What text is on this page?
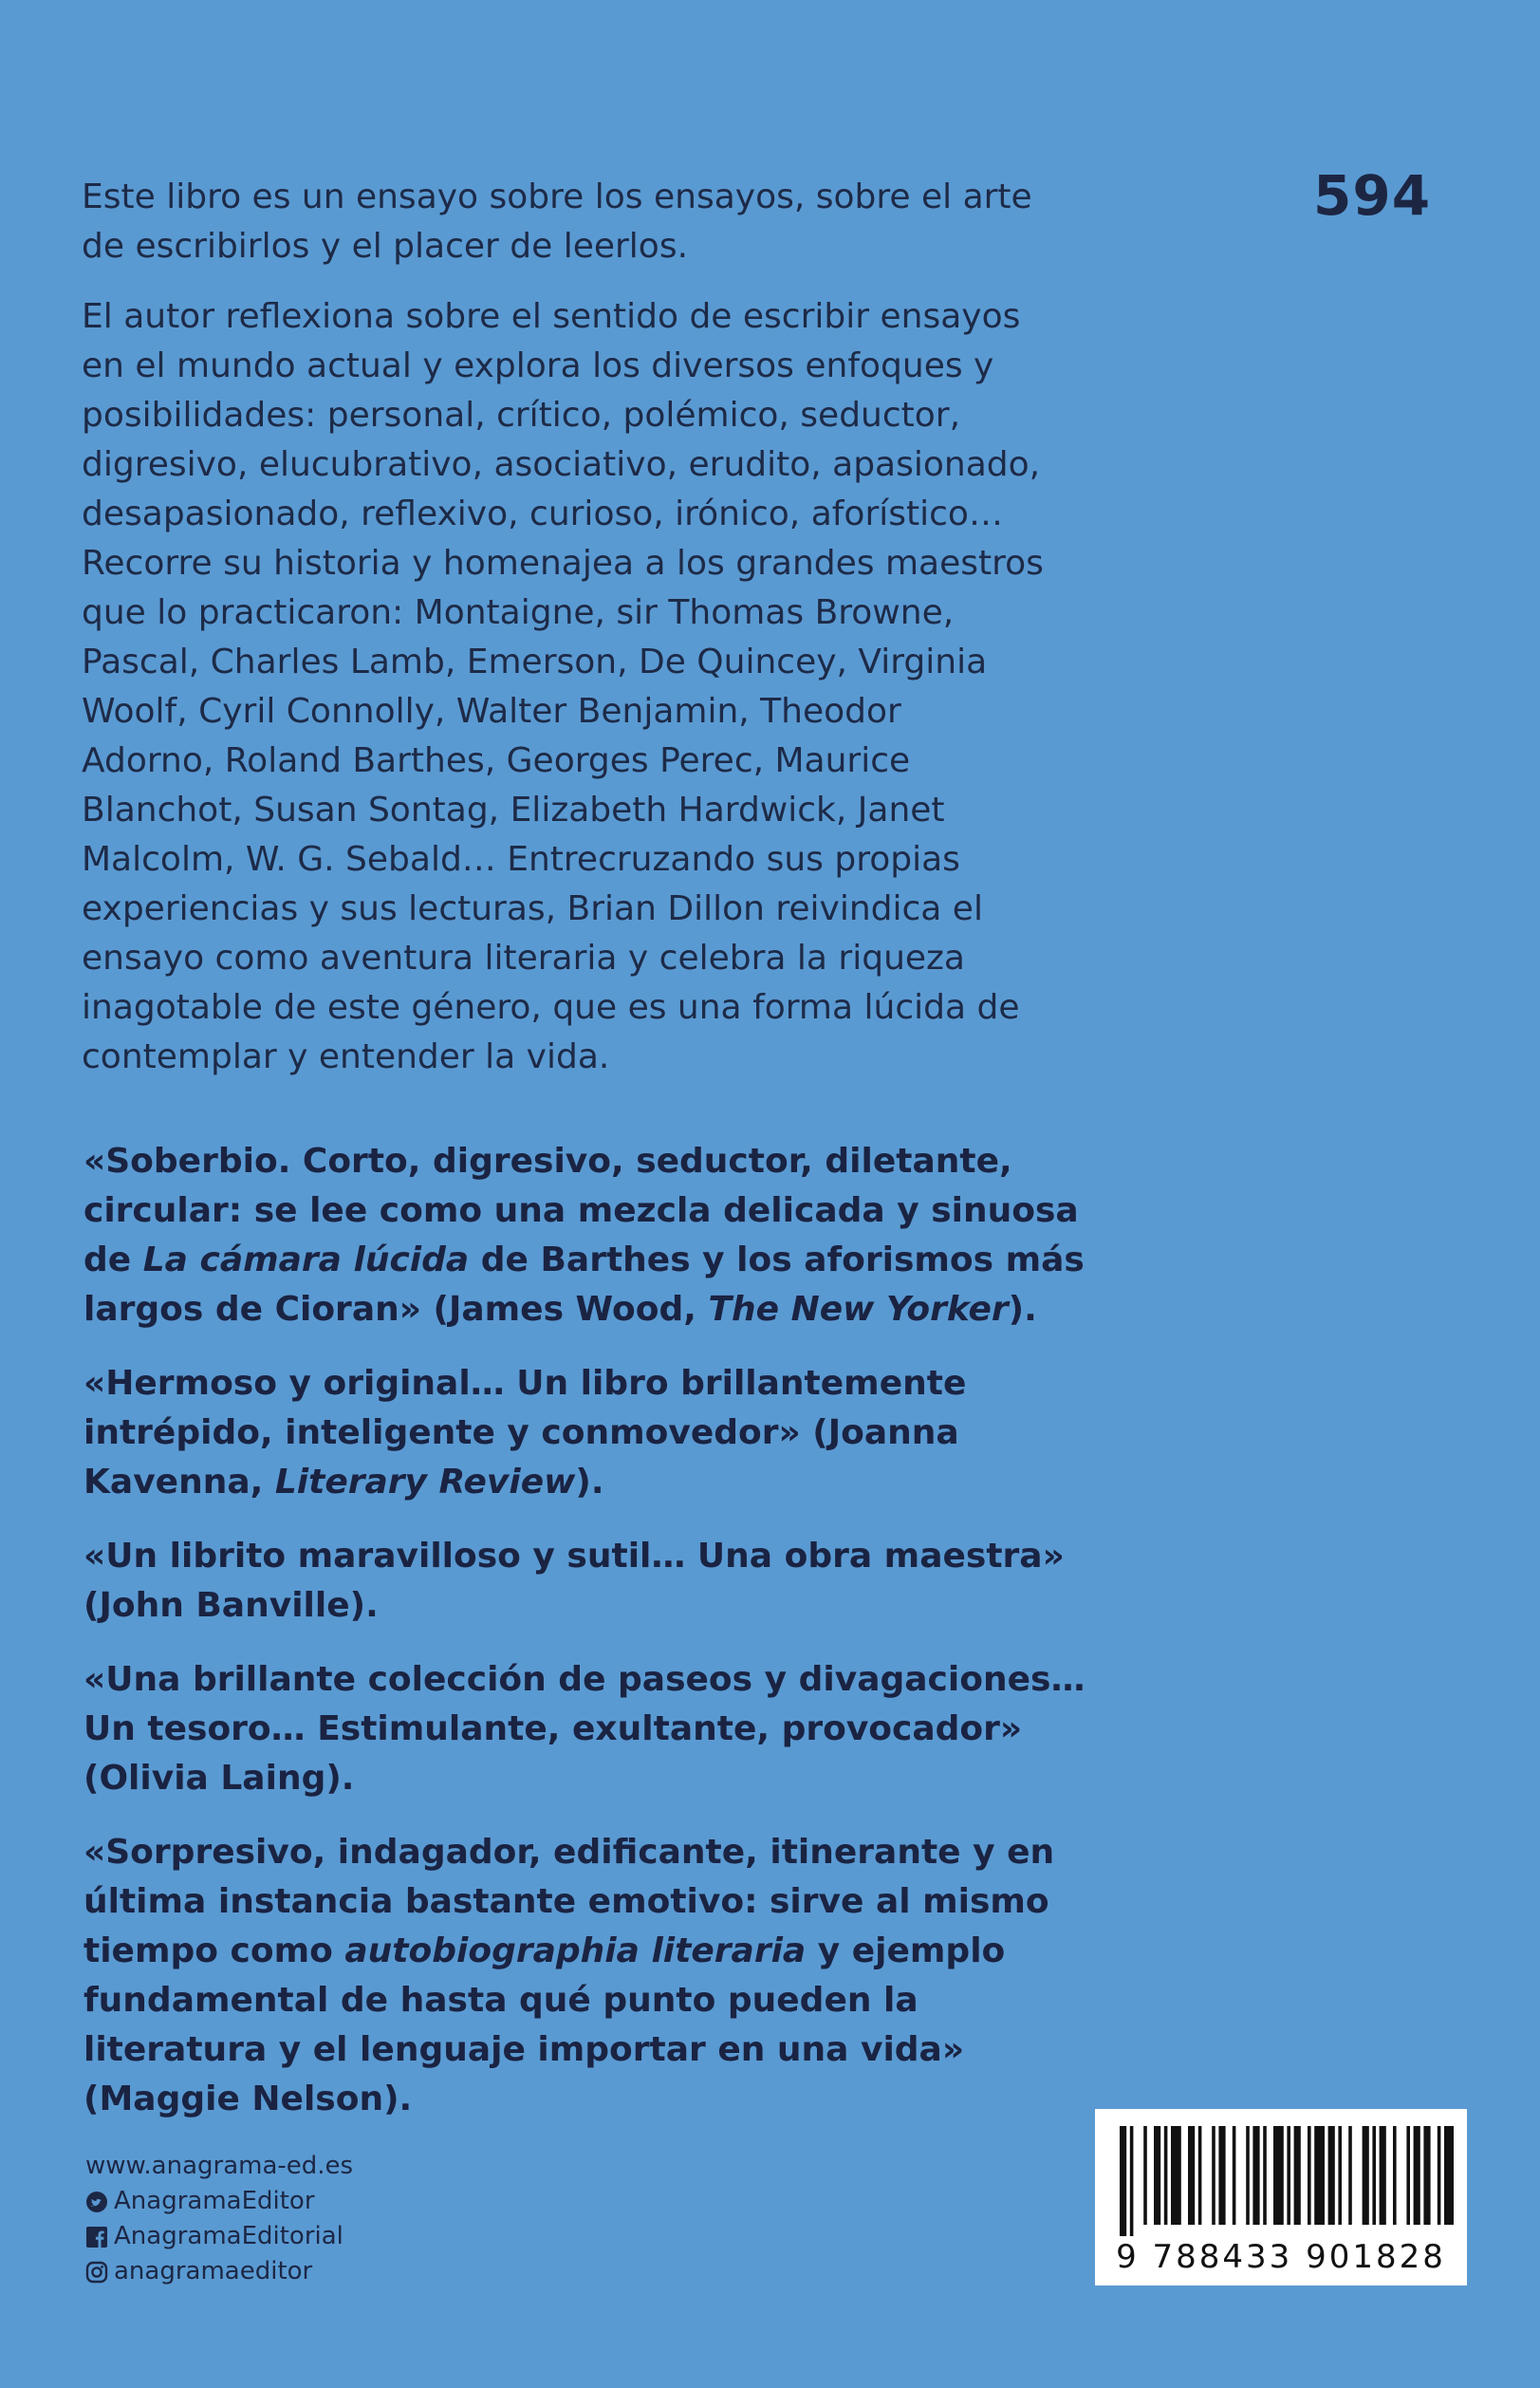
594

Este libro es un ensayo sobre los ensayos, sobre el arte
de escribirlos y el placer de leerlos.

El autor reflexiona sobre el sentido de escribir ensayos
en el mundo actual y explora los diversos enfoques y
posibilidades: personal, crítico, polémico, seductor,
digresivo, elucubrativo, asociativo, erudito, apasionado,
desapasionado, reflexivo, curioso, irónico, aforístico…
Recorre su historia y homenajea a los grandes maestros
que lo practicaron: Montaigne, sir Thomas Browne,
Pascal, Charles Lamb, Emerson, De Quincey, Virginia
Woolf, Cyril Connolly, Walter Benjamin, Theodor
Adorno, Roland Barthes, Georges Perec, Maurice
Blanchot, Susan Sontag, Elizabeth Hardwick, Janet
Malcolm, W. G. Sebald… Entrecruzando sus propias
experiencias y sus lecturas, Brian Dillon reivindica el
ensayo como aventura literaria y celebra la riqueza
inagotable de este género, que es una forma lúcida de
contemplar y entender la vida.

«Soberbio. Corto, digresivo, seductor, diletante, circular: se lee como una mezcla delicada y sinuosa de La cámara lúcida de Barthes y los aforismos más largos de Cioran» (James Wood, The New Yorker).

«Hermoso y original… Un libro brillantemente intrépido, inteligente y conmovedor» (Joanna Kavenna, Literary Review).

«Un librito maravilloso y sutil… Una obra maestra» (John Banville).

«Una brillante colección de paseos y divagaciones… Un tesoro… Estimulante, exultante, provocador» (Olivia Laing).

«Sorpresivo, indagador, edificante, itinerante y en última instancia bastante emotivo: sirve al mismo tiempo como autobiographia literaria y ejemplo fundamental de hasta qué punto pueden la literatura y el lenguaje importar en una vida» (Maggie Nelson).

www.anagrama-ed.es
AnagramaEditor
AnagramaEditorial
anagramaeditor	9 788433 901828
